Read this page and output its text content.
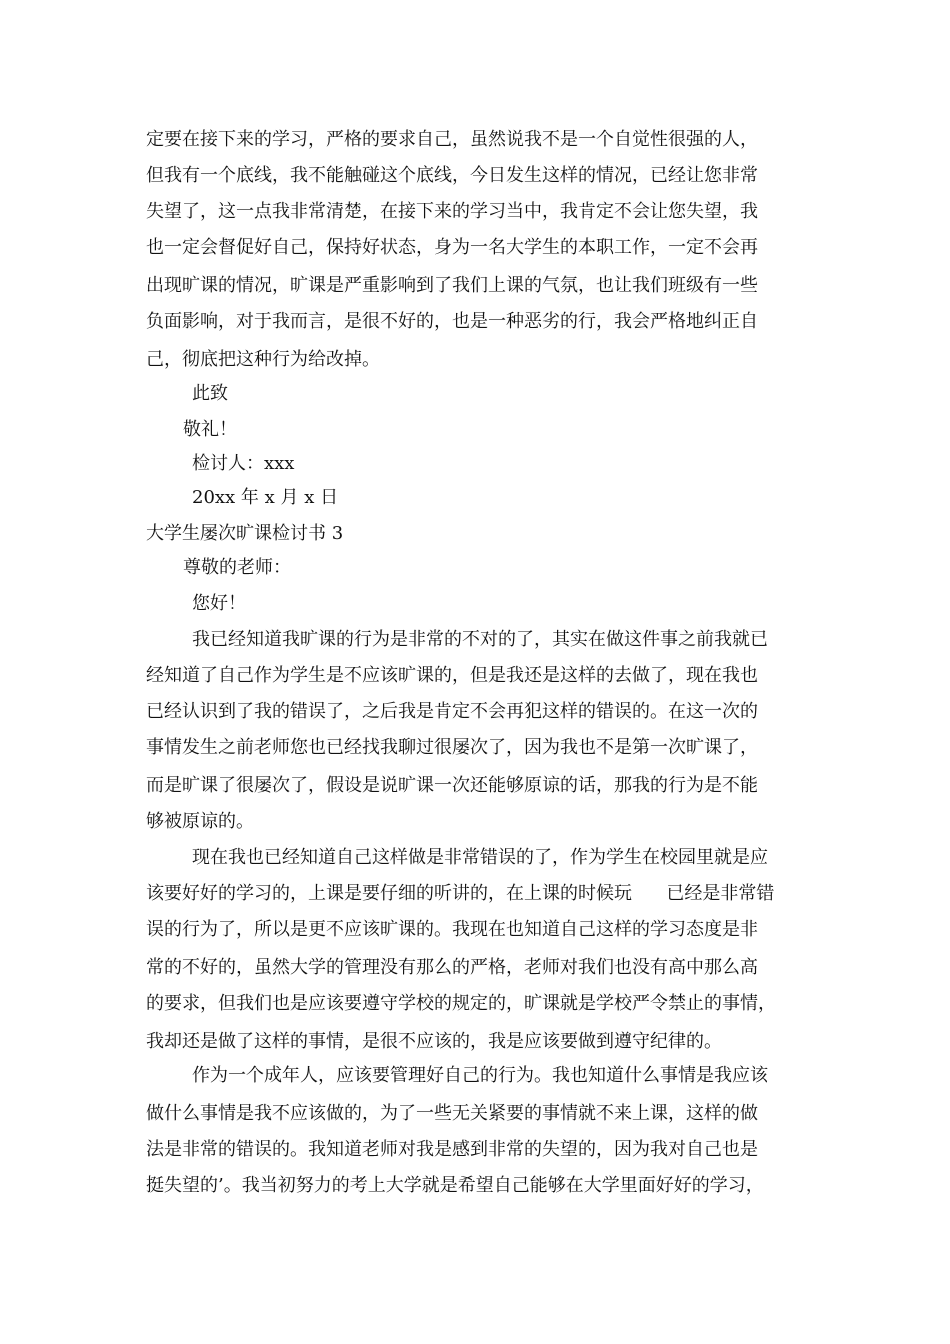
定要在接下来的学习，严格的要求自己，虽然说我不是一个自觉性很强的人，
但我有一个底线，我不能触碰这个底线，今日发生这样的情况，已经让您非常
失望了，这一点我非常清楚，在接下来的学习当中，我肯定不会让您失望，我
也一定会督促好自己，保持好状态，身为一名大学生的本职工作，一定不会再
出现旷课的情况，旷课是严重影响到了我们上课的气氛，也让我们班级有一些
负面影响，对于我而言，是很不好的，也是一种恶劣的行，我会严格地纠正自
己，彻底把这种行为给改掉。
此致
敬礼！
检讨人：xxx
20xx 年 x 月 x 日
大学生屡次旷课检讨书 3
尊敬的老师：
您好！
我已经知道我旷课的行为是非常的不对的了，其实在做这件事之前我就已
经知道了自己作为学生是不应该旷课的，但是我还是这样的去做了，现在我也
已经认识到了我的错误了，之后我是肯定不会再犯这样的错误的。在这一次的
事情发生之前老师您也已经找我聊过很屡次了，因为我也不是第一次旷课了，
而是旷课了很屡次了，假设是说旷课一次还能够原谅的话，那我的行为是不能
够被原谅的。
现在我也已经知道自己这样做是非常错误的了，作为学生在校园里就是应
该要好好的学习的，上课是要仔细的听讲的，在上课的时候玩      已经是非常错
误的行为了，所以是更不应该旷课的。我现在也知道自己这样的学习态度是非
常的不好的，虽然大学的管理没有那么的严格，老师对我们也没有高中那么高
的要求，但我们也是应该要遵守学校的规定的，旷课就是学校严令禁止的事情，
我却还是做了这样的事情，是很不应该的，我是应该要做到遵守纪律的。
作为一个成年人，应该要管理好自己的行为。我也知道什么事情是我应该
做什么事情是我不应该做的，为了一些无关紧要的事情就不来上课，这样的做
法是非常的错误的。我知道老师对我是感到非常的失望的，因为我对自己也是
挺失望的’。我当初努力的考上大学就是希望自己能够在大学里面好好的学习，
